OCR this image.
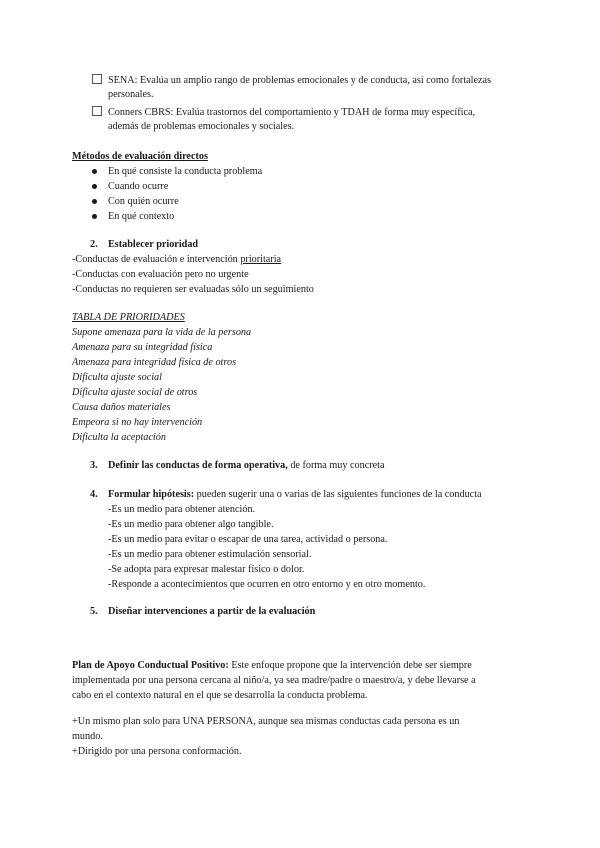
SENA: Evalúa un amplio rango de problemas emocionales y de conducta, así como fortalezas
personales.
Conners CBRS: Evalúa trastornos del comportamiento y TDAH de forma muy específica,
además de problemas emocionales y sociales.
Métodos de evaluación directos
En qué consiste la conducta problema
Cuando ocurre
Con quién ocurre
En qué contexto
2. Establecer prioridad
-Conductas de evaluación e intervención prioritaria
-Conductas con evaluación pero no urgente
-Conductas no requieren ser evaluadas sólo un seguimiento
TABLA DE PRIORIDADES
Supone amenaza para la vida de la persona
Amenaza para su integridad física
Amenaza para integridad física de otros
Dificulta ajuste social
Dificulta ajuste social de otros
Causa daños materiales
Empeora si no hay intervención
Dificulta la aceptación
3. Definir las conductas de forma operativa, de forma muy concreta
4. Formular hipótesis: pueden sugerir una o varias de las siguientes funciones de la conducta
-Es un medio para obtener atención.
-Es un medio para obtener algo tangible.
-Es un medio para evitar o escapar de una tarea, actividad o persona.
-Es un medio para obtener estimulación sensorial.
-Se adopta para expresar malestar físico o dolor.
-Responde a acontecimientos que ocurren en otro entorno y en otro momento.
5. Diseñar intervenciones a partir de la evaluación
Plan de Apoyo Conductual Positivo: Este enfoque propone que la intervención debe ser siempre
implementada por una persona cercana al niño/a, ya sea madre/padre o maestro/a, y debe llevarse a
cabo en el contexto natural en el que se desarrolla la conducta problema.
+Un mismo plan solo para UNA PERSONA, aunque sea mismas conductas cada persona es un
mundo.
+Dirigido por una persona conformación.
